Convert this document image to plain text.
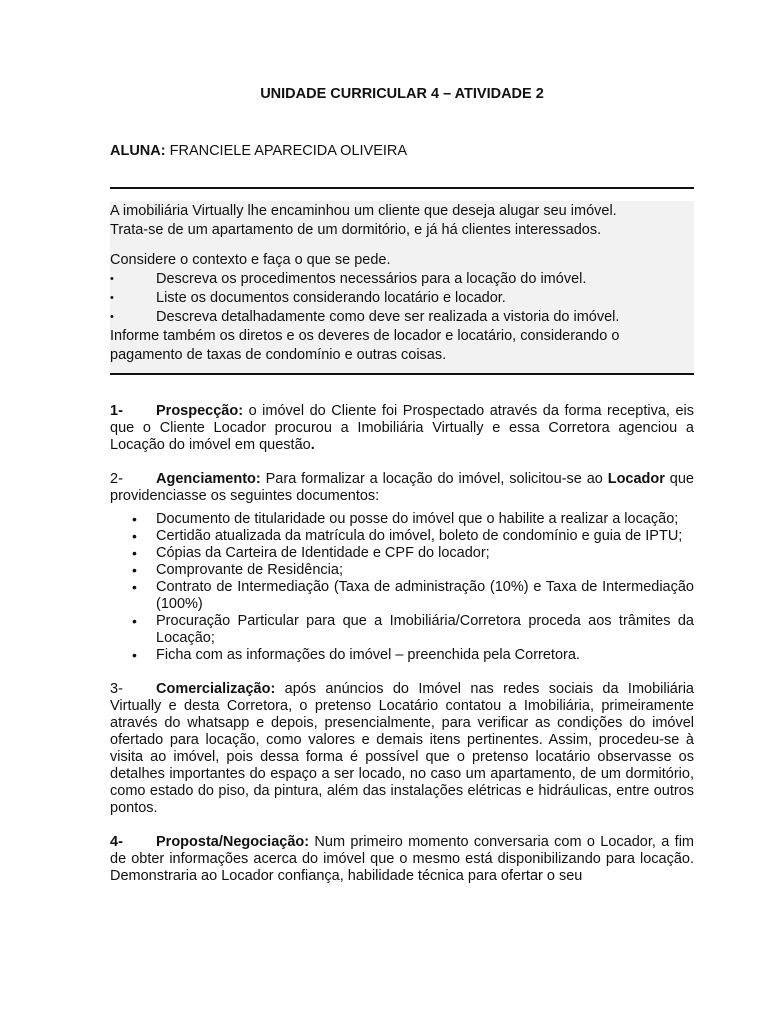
UNIDADE CURRICULAR 4 – ATIVIDADE 2
ALUNA: FRANCIELE APARECIDA OLIVEIRA

A imobiliária Virtually lhe encaminhou um cliente que deseja alugar seu imóvel.

Trata-se de um apartamento de um dormitório, e já há clientes interessados.

Considere o contexto e faça o que se pede.

•	Descreva os procedimentos necessários para a locação do imóvel.
•	Liste os documentos considerando locatário e locador.
•	Descreva detalhadamente como deve ser realizada a vistoria do imóvel.

Informe também os diretos e os deveres de locador e locatário, considerando o pagamento de taxas de condomínio e outras coisas.

1- Prospecção: o imóvel do Cliente foi Prospectado através da forma receptiva, eis que o Cliente Locador procurou a Imobiliária Virtually e essa Corretora agenciou a Locação do imóvel em questão.

2- Agenciamento: Para formalizar a locação do imóvel, solicitou-se ao Locador que providenciasse os seguintes documentos:

• Documento de titularidade ou posse do imóvel que o habilite a realizar a locação;
• Certidão atualizada da matrícula do imóvel, boleto de condomínio e guia de IPTU;
• Cópias da Carteira de Identidade e CPF do locador;
• Comprovante de Residência;
• Contrato de Intermediação (Taxa de administração (10%) e Taxa de Intermediação (100%)
• Procuração Particular para que a Imobiliária/Corretora proceda aos trâmites da Locação;
• Ficha com as informações do imóvel – preenchida pela Corretora.

3- Comercialização: após anúncios do Imóvel nas redes sociais da Imobiliária Virtually e desta Corretora, o pretenso Locatário contatou a Imobiliária, primeiramente através do whatsapp e depois, presencialmente, para verificar as condições do imóvel ofertado para locação, como valores e demais itens pertinentes. Assim, procedeu-se à visita ao imóvel, pois dessa forma é possível que o pretenso locatário observasse os detalhes importantes do espaço a ser locado, no caso um apartamento, de um dormitório, como estado do piso, da pintura, além das instalações elétricas e hidráulicas, entre outros pontos.

4- Proposta/Negociação: Num primeiro momento conversaria com o Locador, a fim de obter informações acerca do imóvel que o mesmo está disponibilizando para locação. Demonstraria ao Locador confiança, habilidade técnica para ofertar o seu
